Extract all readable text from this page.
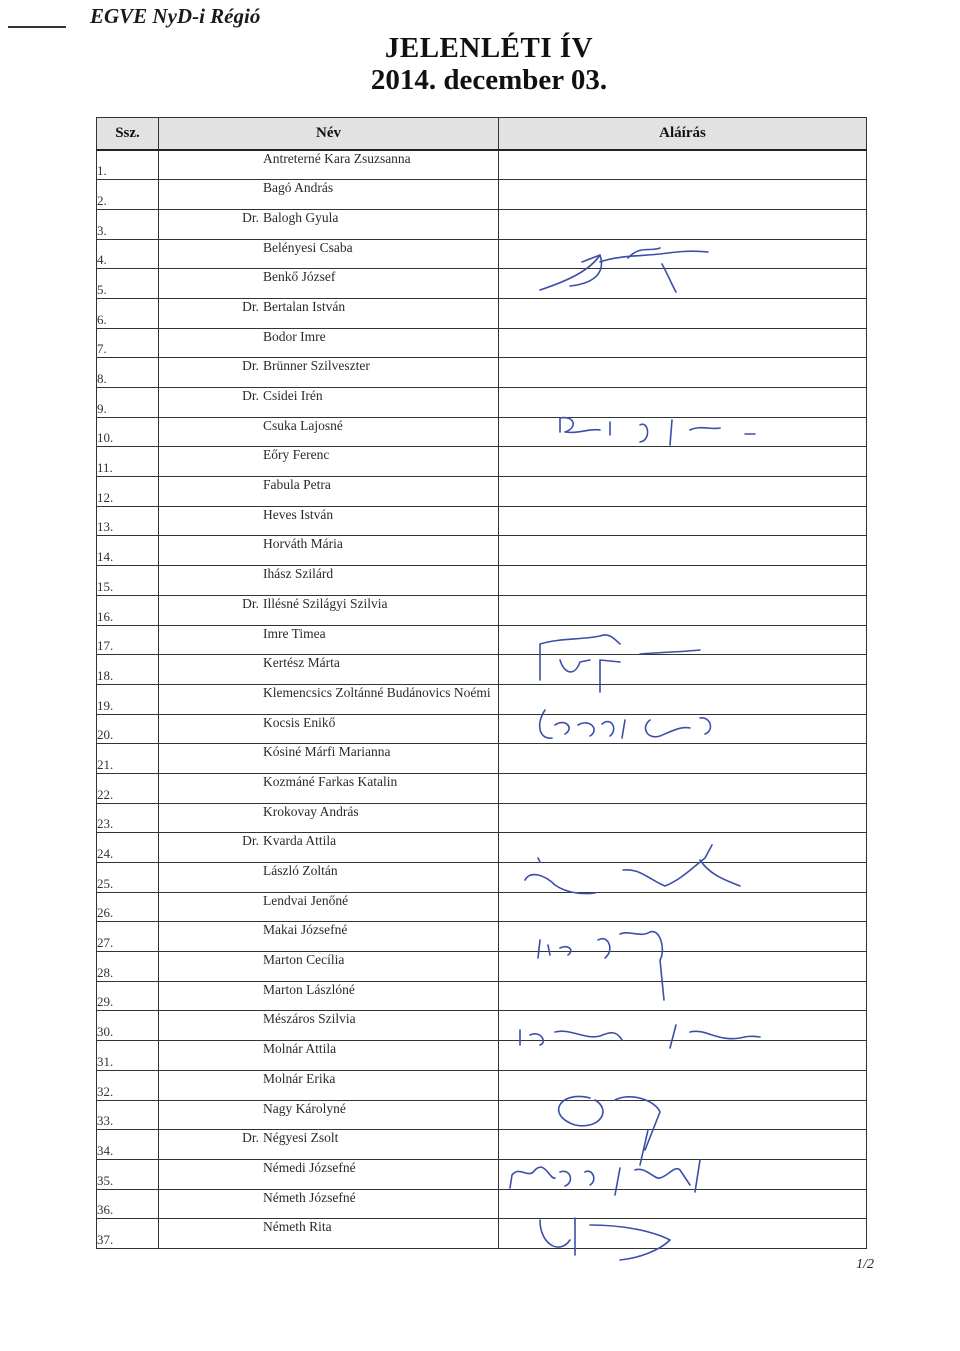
EGVE NyD-i Régió
JELENLÉTI ÍV
2014. december 03.
Ssz.	Név	Aláírás
1.	Antreterné Kara Zsuzsanna	
2.	Bagó András	
3.	Dr. Balogh Gyula	
4.	Belényesi Csaba	
5.	Benkő József	
6.	Dr. Bertalan István	
7.	Bodor Imre	
8.	Dr. Brünner Szilveszter	
9.	Dr. Csidei Irén	
10.	Csuka Lajosné	
11.	Eőry Ferenc	
12.	Fabula Petra	
13.	Heves István	
14.	Horváth Mária	
15.	Ihász Szilárd	
16.	Dr. Illésné Szilágyi Szilvia	
17.	Imre Timea	
18.	Kertész Márta	
19.	Klemencsics Zoltánné Budánovics Noémi	
20.	Kocsis Enikő	
21.	Kósiné Márfi Marianna	
22.	Kozmáné Farkas Katalin	
23.	Krokovay András	
24.	Dr. Kvarda Attila	
25.	László Zoltán	
26.	Lendvai Jenőné	
27.	Makai Józsefné	
28.	Marton Cecília	
29.	Marton Lászlóné	
30.	Mészáros Szilvia	
31.	Molnár Attila	
32.	Molnár Erika	
33.	Nagy Károlyné	
34.	Dr. Négyesi Zsolt	
35.	Némedi Józsefné	
36.	Németh Józsefné	
37.	Németh Rita	
1/2
